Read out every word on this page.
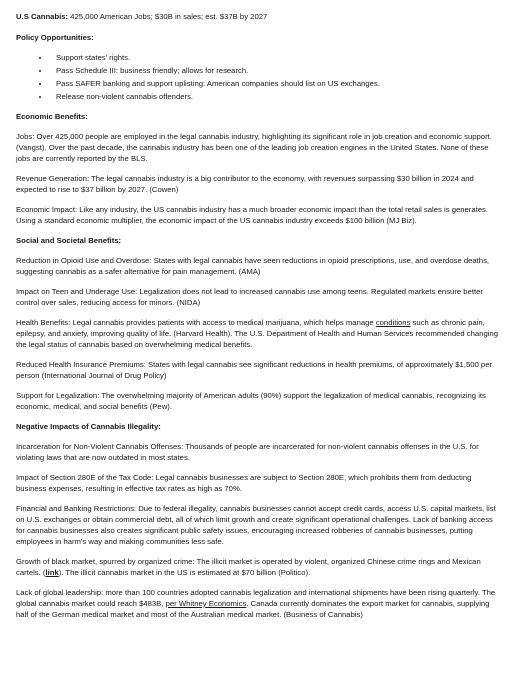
U.S Cannabis: 425,000 American Jobs; $30B in sales; est. $37B by 2027

Policy Opportunities:
• Support states' rights.
• Pass Schedule III: business friendly; allows for research.
• Pass SAFER banking and support uplisting: American companies should list on US exchanges.
• Release non-violent cannabis offenders.
Economic Benefits:

Jobs: Over 425,000 people are employed in the legal cannabis industry, highlighting its significant role in job creation and economic support. (Vangst). Over the past decade, the cannabis industry has been one of the leading job creation engines in the United States. None of these jobs are currently reported by the BLS.

Revenue Generation: The legal cannabis industry is a big contributor to the economy, with revenues surpassing $30 billion in 2024 and expected to rise to $37 billion by 2027. (Cowen)

Economic Impact: Like any industry, the US cannabis industry has a much broader economic impact than the total retail sales is generates. Using a standard economic multiplier, the economic impact of the US cannabis industry exceeds $100 billion (MJ Biz).

Social and Societal Benefits:

Reduction in Opioid Use and Overdose: States with legal cannabis have seen reductions in opioid prescriptions, use, and overdose deaths, suggesting cannabis as a safer alternative for pain management. (AMA)

Impact on Teen and Underage Use: Legalization does not lead to increased cannabis use among teens. Regulated markets ensure better control over sales, reducing access for minors. (NIDA)

Health Benefits: Legal cannabis provides patients with access to medical marijuana, which helps manage conditions such as chronic pain, epilepsy, and anxiety, improving quality of life. (Harvard Health). The U.S. Department of Health and Human Services recommended changing the legal status of cannabis based on overwhelming medical benefits.

Reduced Health Insurance Premiums: States with legal cannabis see significant reductions in health premiums, of approximately $1,500 per person (International Journal of Drug Policy)

Support for Legalization: The overwhelming majority of American adults (90%) support the legalization of medical cannabis, recognizing its economic, medical, and social benefits (Pew).

Negative Impacts of Cannabis Illegality:

Incarceration for Non-Violent Cannabis Offenses: Thousands of people are incarcerated for non-violent cannabis offenses in the U.S. for violating laws that are now outdated in most states.

Impact of Section 280E of the Tax Code: Legal cannabis businesses are subject to Section 280E, which prohibits them from deducting business expenses, resulting in effective tax rates as high as 70%.

Financial and Banking Restrictions: Due to federal illegality, cannabis businesses cannot accept credit cards, access U.S. capital markets, list on U.S. exchanges or obtain commercial debt, all of which limit growth and create significant operational challenges. Lack of banking access for cannabis businesses also creates significant public safety issues, encouraging increased robberies of cannabis businesses, putting employees in harm's way and making communities less safe.

Growth of black market, spurred by organized crime: The illicit market is operated by violent, organized Chinese crime rings and Mexican cartels. (link). The illicit cannabis market in the US is estimated at $70 billion (Politico).

Lack of global leadership: more than 100 countries adopted cannabis legalization and international shipments have been rising quarterly. The global cannabis market could reach $483B, per Whitney Economics. Canada currently dominates the export market for cannabis, supplying half of the German medical market and most of the Australian medical market. (Business of Cannabis)
